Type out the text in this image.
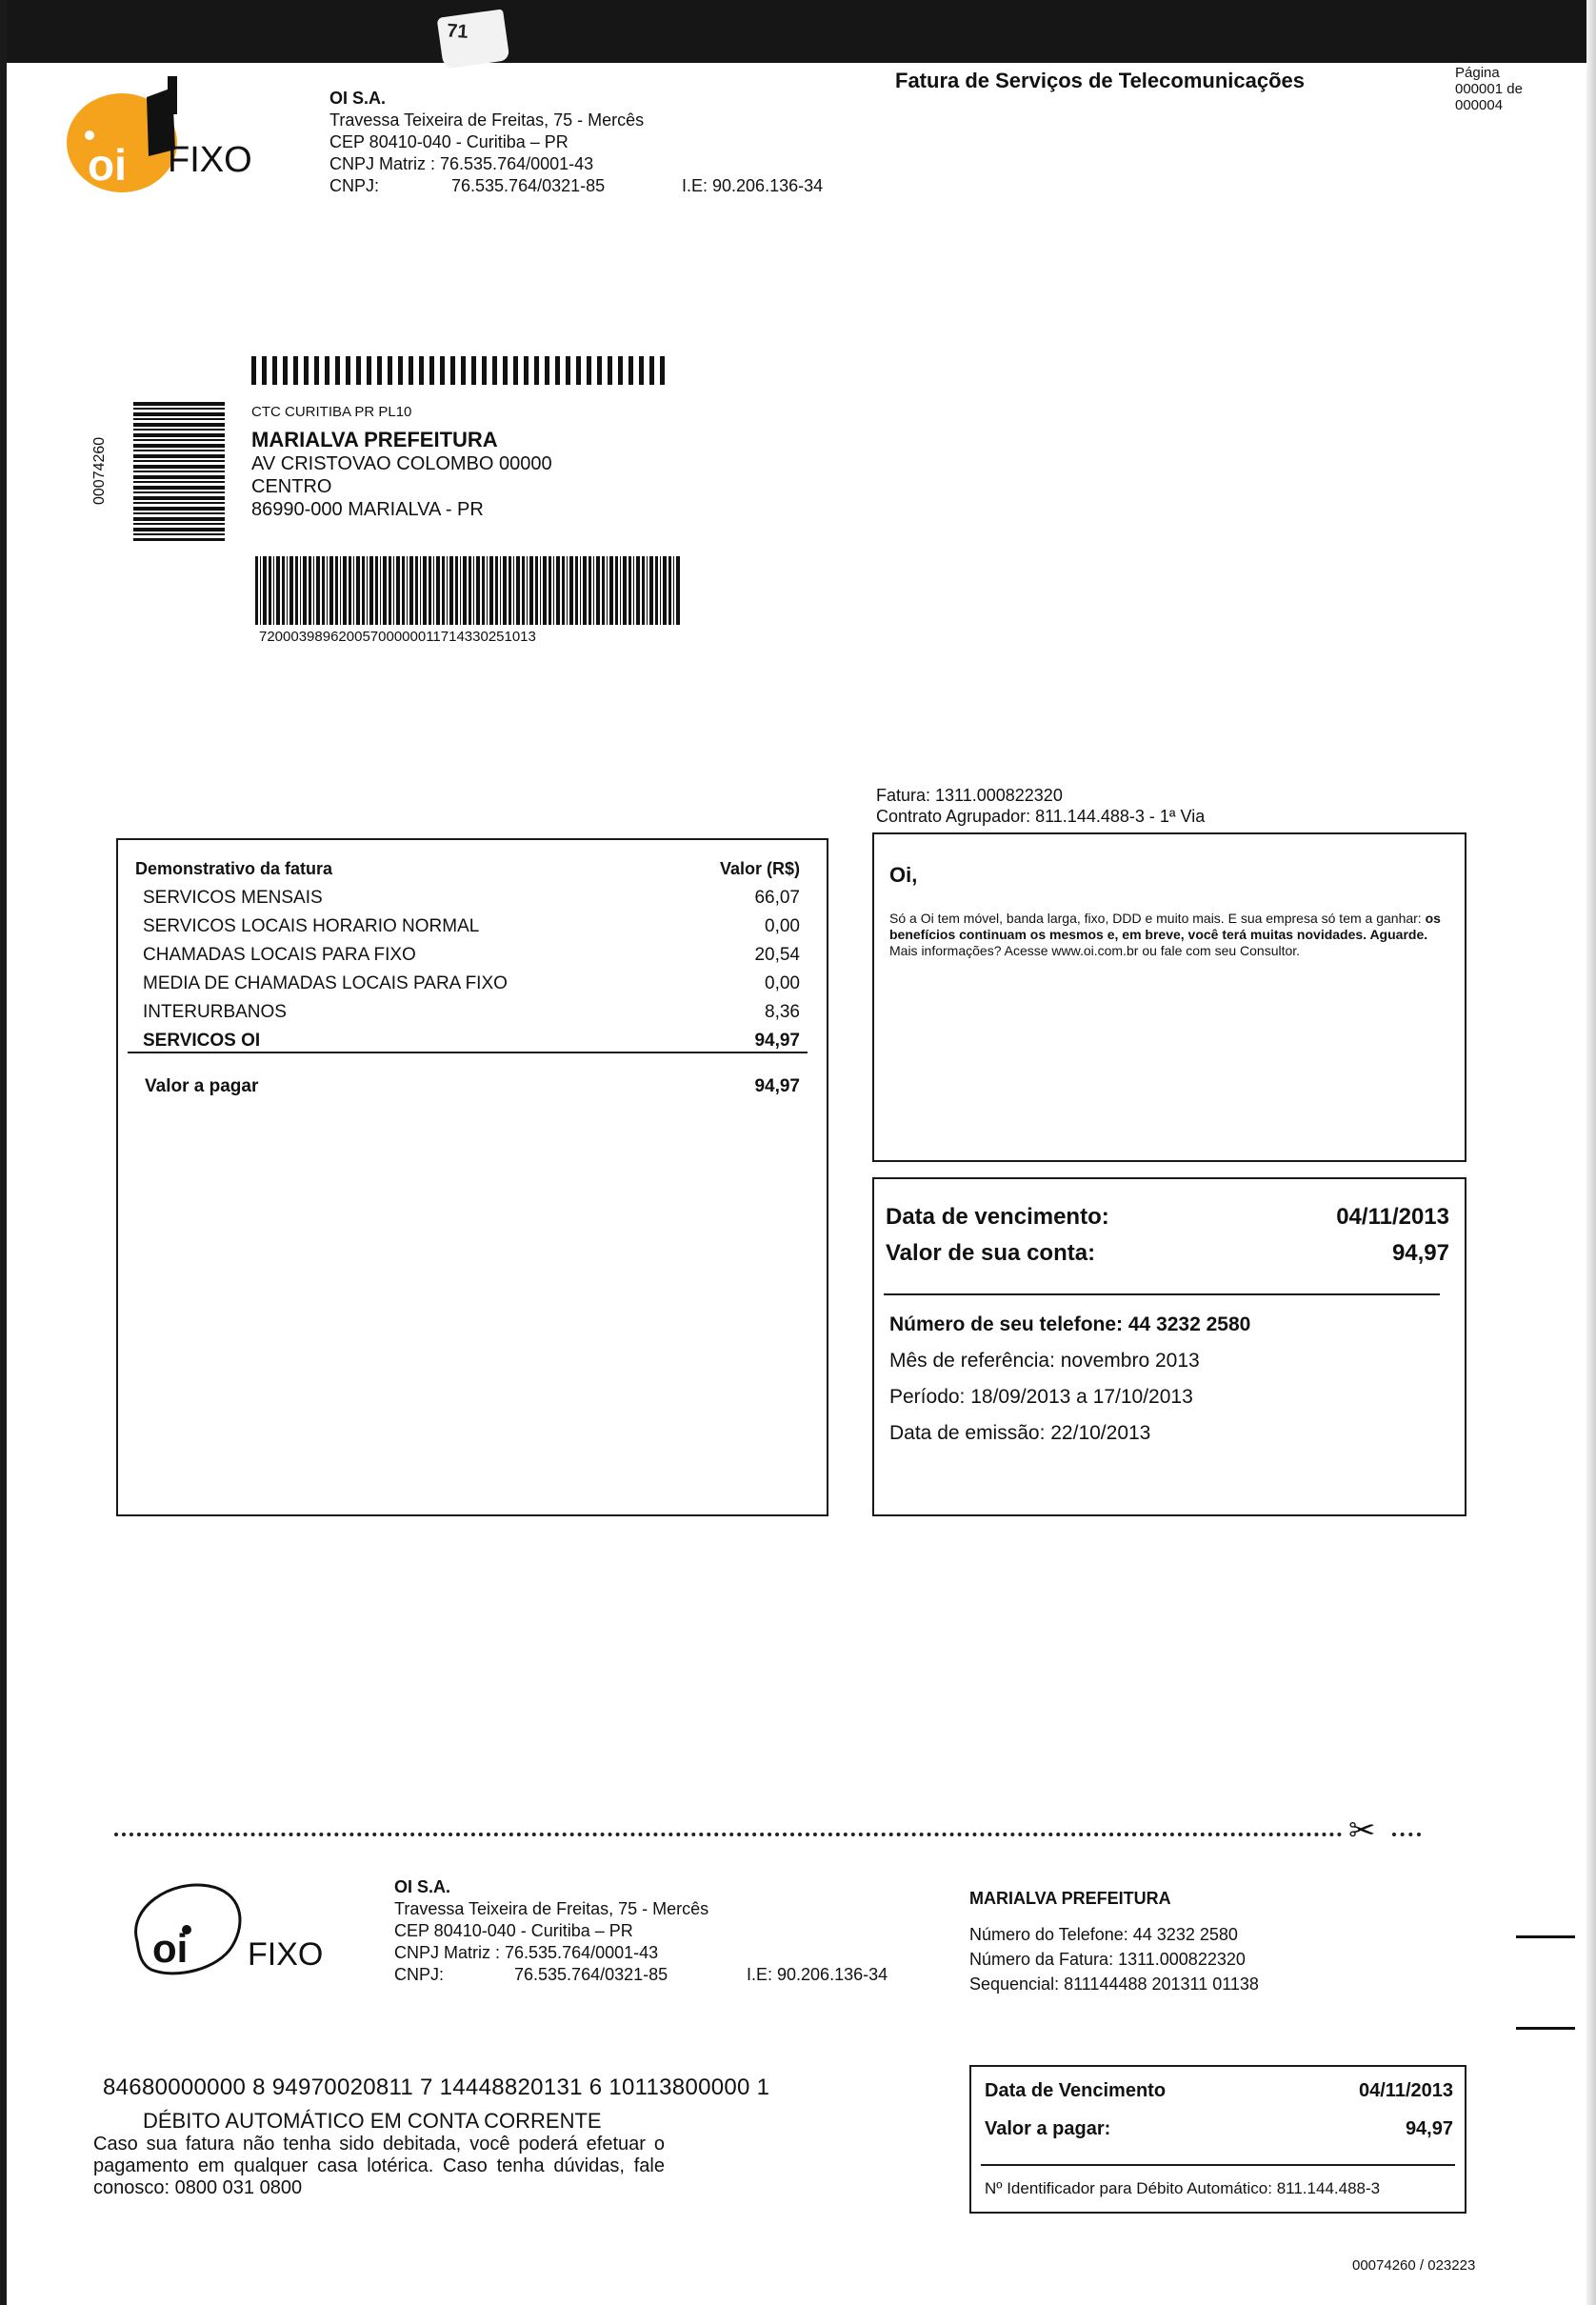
71
oi FIXO
OI S.A.
Travessa Teixeira de Freitas, 75 - Mercês
CEP 80410-040 - Curitiba – PR
CNPJ Matriz : 76.535.764/0001-43
CNPJ:	76.535.764/0321-85	I.E: 90.206.136-34
Fatura de Serviços de Telecomunicações	Página
000001 de
000004
00074260
CTC CURITIBA PR PL10
MARIALVA PREFEITURA
AV CRISTOVAO COLOMBO 00000
CENTRO
86990-000 MARIALVA - PR
72000398962005700000011714330251013
Fatura: 1311.000822320
Contrato Agrupador: 811.144.488-3 - 1ª Via
Demonstrativo da fatura	Valor (R$)
SERVICOS MENSAIS	66,07
SERVICOS LOCAIS HORARIO NORMAL	0,00
CHAMADAS LOCAIS PARA FIXO	20,54
MEDIA DE CHAMADAS LOCAIS PARA FIXO	0,00
INTERURBANOS	8,36
SERVICOS OI	94,97
Valor a pagar	94,97
Oi,
Só a Oi tem móvel, banda larga, fixo, DDD e muito mais. E sua empresa só tem a ganhar: os benefícios continuam os mesmos e, em breve, você terá muitas novidades. Aguarde.
Mais informações? Acesse www.oi.com.br ou fale com seu Consultor.
Data de vencimento:	04/11/2013
Valor de sua conta:	94,97
Número de seu telefone: 44 3232 2580
Mês de referência: novembro 2013
Período: 18/09/2013 a 17/10/2013
Data de emissão: 22/10/2013
✂
oi FIXO
OI S.A.
Travessa Teixeira de Freitas, 75 - Mercês
CEP 80410-040 - Curitiba – PR
CNPJ Matriz : 76.535.764/0001-43
CNPJ:	76.535.764/0321-85	I.E: 90.206.136-34
MARIALVA PREFEITURA
Número do Telefone: 44 3232 2580
Número da Fatura: 1311.000822320
Sequencial: 811144488 201311 01138
84680000000 8 94970020811 7 14448820131 6 10113800000 1
DÉBITO AUTOMÁTICO EM CONTA CORRENTE
Caso sua fatura não tenha sido debitada, você poderá efetuar o pagamento em qualquer casa lotérica. Caso tenha dúvidas, fale conosco: 0800 031 0800
Data de Vencimento	04/11/2013
Valor a pagar:	94,97
Nº Identificador para Débito Automático: 811.144.488-3
00074260 / 023223
